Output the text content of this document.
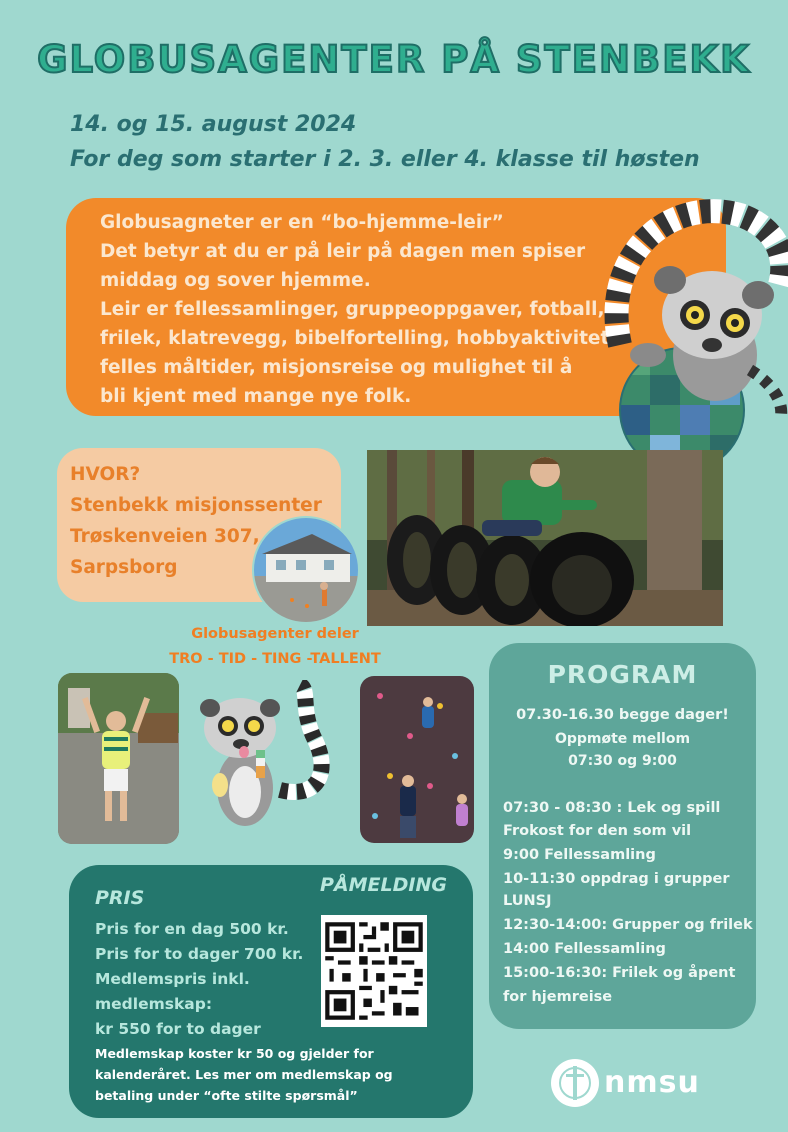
GLOBUSAGENTER PÅ STENBEKK
14. og 15. august 2024
For deg som starter i 2. 3. eller 4. klasse til høsten
Globusagneter er en “bo-hjemme-leir”
Det betyr at du er på leir på dagen men spiser
middag og sover hjemme.
Leir er fellessamlinger, gruppeoppgaver, fotball,
frilek, klatrevegg, bibelfortelling, hobbyaktivitet
felles måltider, misjonsreise og mulighet til å
bli kjent med mange nye folk.
HVOR?
Stenbekk misjonssenter
Trøskenveien 307,
Sarpsborg
Globusagenter deler
TRO - TID - TING -TALLENT
PROGRAM
07.30-16.30 begge dager!
Oppmøte mellom
07:30 og 9:00
07:30 - 08:30 : Lek og spill
Frokost for den som vil
9:00 Fellessamling
10-11:30 oppdrag i grupper
LUNSJ
12:30-14:00: Grupper og frilek
14:00 Fellessamling
15:00-16:30: Frilek og åpent
for hjemreise
PRIS
PÅMELDING
Pris for en dag 500 kr.
Pris for to dager 700 kr.
Medlemspris inkl.
medlemskap:
kr 550 for to dager
Medlemskap koster kr 50 og gjelder for
kalenderåret. Les mer om medlemskap og
betaling under “ofte stilte spørsmål”	nmsu
